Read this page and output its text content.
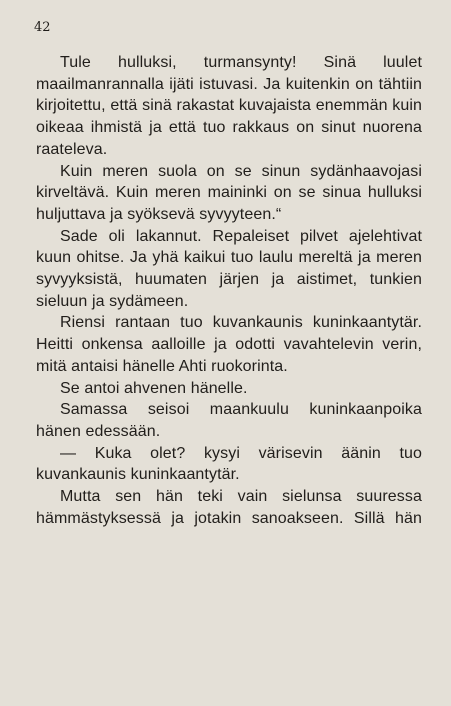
42

Tule hulluksi, turmansynty! Sinä luulet maailmanrannalla ijäti istuvasi. Ja kuitenkin on tähtiin kirjoitettu, että sinä rakastat kuvajaista enemmän kuin oikeaa ihmistä ja että tuo rakkaus on sinut nuorena raateleva.

Kuin meren suola on se sinun sydänhaavojasi kirveltävä. Kuin meren maininki on se sinua hulluksi huljuttava ja syöksevä syvyyteen.“

Sade oli lakannut. Repaleiset pilvet ajelehtivat kuun ohitse. Ja yhä kaikui tuo laulu mereltä ja meren syvyyksistä, huumaten järjen ja aistimet, tunkien sieluun ja sydämeen.

Riensi rantaan tuo kuvankaunis kuninkaantytär. Heitti onkensa aalloille ja odotti vavahtelevin verin, mitä antaisi hänelle Ahti ruokorinta.

Se antoi ahvenen hänelle.

Samassa seisoi maankuulu kuninkaanpoika hänen edessään.

— Kuka olet? kysyi värisevin äänin tuo kuvankaunis kuninkaantytär.

Mutta sen hän teki vain sielunsa suuressa hämmästyksessä ja jotakin sanoakseen. Sillä hän
